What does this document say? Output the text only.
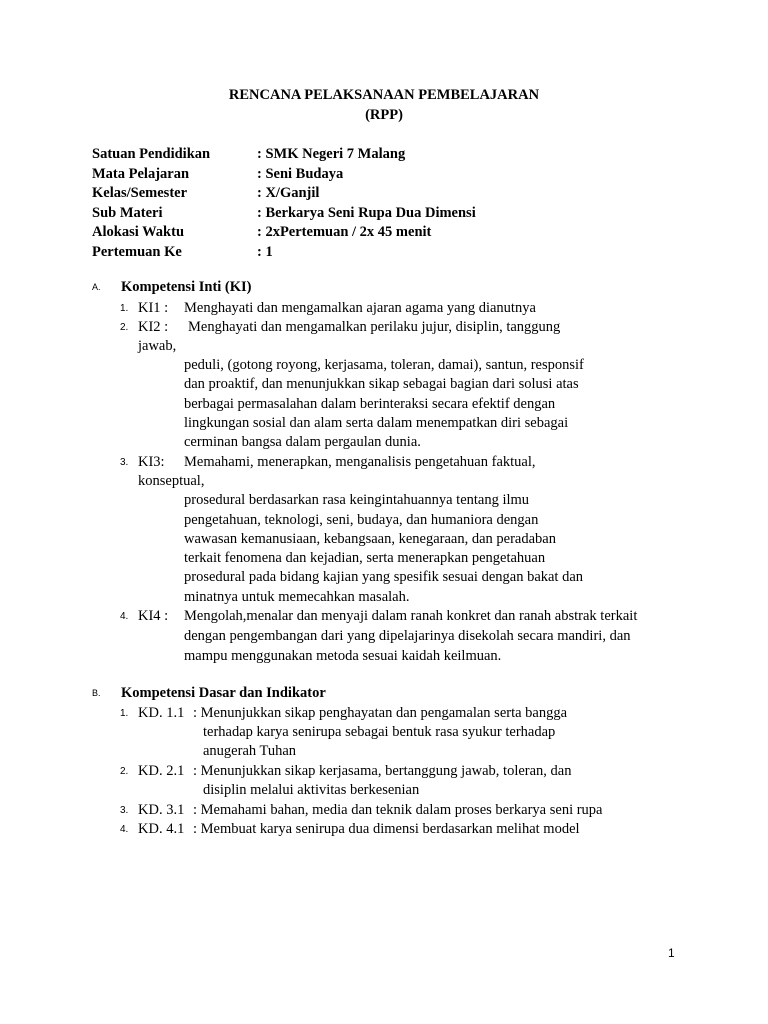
RENCANA PELAKSANAAN PEMBELAJARAN
(RPP)
Satuan Pendidikan	: SMK Negeri 7 Malang
Mata Pelajaran	: Seni Budaya
Kelas/Semester	: X/Ganjil
Sub Materi	: Berkarya Seni Rupa Dua Dimensi
Alokasi Waktu	: 2xPertemuan / 2x 45 menit
Pertemuan Ke	: 1
A. Kompetensi Inti (KI)
1. KI1 : Menghayati dan mengamalkan ajaran agama yang dianutnya
2. KI2 : Menghayati dan mengamalkan perilaku jujur, disiplin, tanggung
jawab,
peduli, (gotong royong, kerjasama, toleran, damai), santun, responsif
dan proaktif, dan menunjukkan sikap sebagai bagian dari solusi atas
berbagai permasalahan dalam berinteraksi secara efektif dengan
lingkungan sosial dan alam serta dalam menempatkan diri sebagai
cerminan bangsa dalam pergaulan dunia.
3. KI3: Memahami, menerapkan, menganalisis pengetahuan faktual,
konseptual,
prosedural berdasarkan rasa keingintahuannya tentang ilmu
pengetahuan, teknologi, seni, budaya, dan humaniora dengan
wawasan kemanusiaan, kebangsaan, kenegaraan, dan peradaban
terkait fenomena dan kejadian, serta menerapkan pengetahuan
prosedural pada bidang kajian yang spesifik sesuai dengan bakat dan
minatnya untuk memecahkan masalah.
4. KI4 : Mengolah,menalar dan menyaji dalam ranah konkret dan ranah abstrak terkait
dengan pengembangan dari yang dipelajarinya disekolah secara mandiri, dan
mampu menggunakan metoda sesuai kaidah keilmuan.
B. Kompetensi Dasar dan Indikator
1. KD. 1.1 : Menunjukkan sikap penghayatan dan pengamalan serta bangga
terhadap karya senirupa sebagai bentuk rasa syukur terhadap
anugerah Tuhan
2. KD. 2.1 : Menunjukkan sikap kerjasama, bertanggung jawab, toleran, dan
disiplin melalui aktivitas berkesenian
3. KD. 3.1 : Memahami bahan, media dan teknik dalam proses berkarya seni rupa
4. KD. 4.1 : Membuat karya senirupa dua dimensi berdasarkan melihat model
1
